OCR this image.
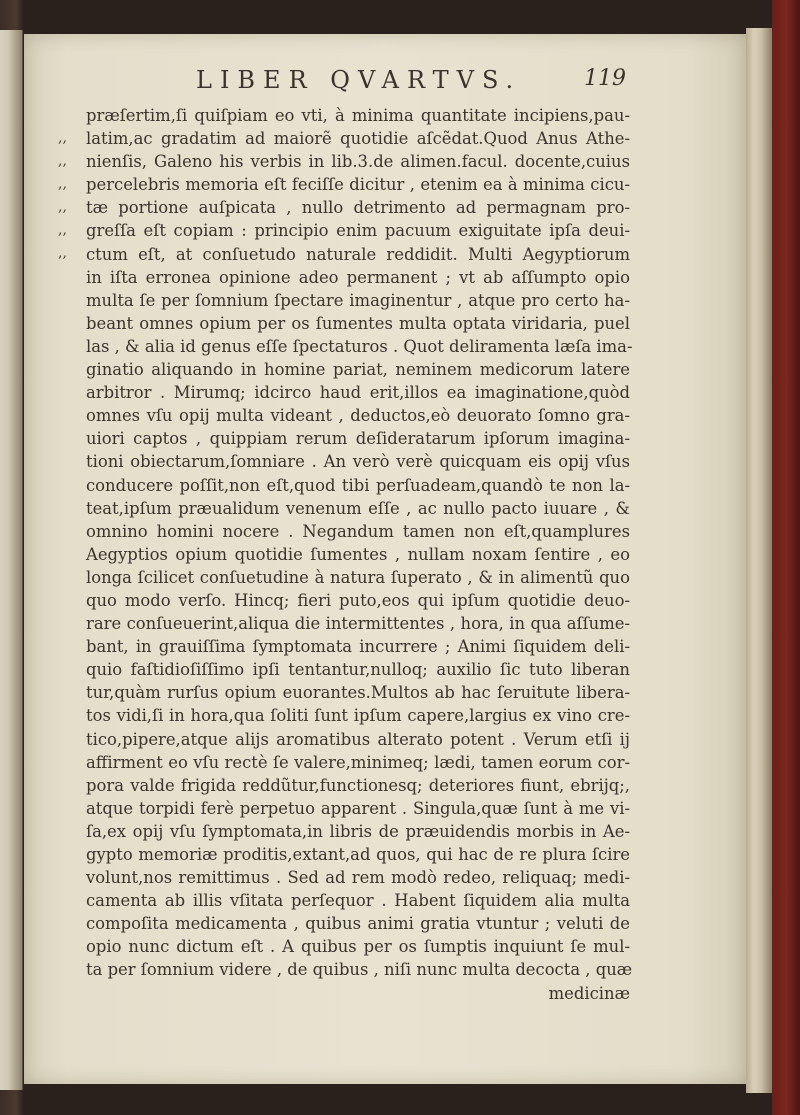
LIBER QVARTVS.	119
,,
,,
,,
,,
,,
,,
præſertim,ſi quiſpiam eo vti, à minima quantitate incipiens,pau-
latim,ac gradatim ad maiorẽ quotidie aſcẽdat.Quod Anus Athe-
nienſis, Galeno his verbis in lib.3.de alimen.facul. docente,cuius
percelebris memoria eſt feciſſe dicitur , etenim ea à minima cicu-
tæ portione auſpicata , nullo detrimento ad permagnam pro-
greſſa eſt copiam : principio enim pacuum exiguitate ipſa deui-
ctum eſt, at conſuetudo naturale reddidit. Multi Aegyptiorum
in iſta erronea opinione adeo permanent ; vt ab aſſumpto opio
multa ſe per ſomnium ſpectare imaginentur , atque pro certo ha-
beant omnes opium per os ſumentes multa optata viridaria, puel
las , & alia id genus eſſe ſpectaturos . Quot deliramenta læſa ima-
ginatio aliquando in homine pariat, neminem medicorum latere
arbitror . Mirumq; idcirco haud erit,illos ea imaginatione,quòd
omnes vſu opij multa videant , deductos,eò deuorato ſomno gra-
uiori captos , quippiam rerum deſideratarum ipſorum imagina-
tioni obiectarum,ſomniare . An verò verè quicquam eis opij vſus
conducere poſſit,non eſt,quod tibi perſuadeam,quandò te non la-
teat,ipſum præualidum venenum eſſe , ac nullo pacto iuuare , &
omnino homini nocere . Negandum tamen non eſt,quamplures
Aegyptios opium quotidie ſumentes , nullam noxam ſentire , eo
longa ſcilicet conſuetudine à natura ſuperato , & in alimentũ quo
quo modo verſo. Hincq; fieri puto,eos qui ipſum quotidie deuo-
rare conſueuerint,aliqua die intermittentes , hora, in qua aſſume-
bant, in grauiſſima ſymptomata incurrere ; Animi ſiquidem deli-
quio faſtidioſiſſimo ipſi tentantur,nulloq; auxilio ſic tuto liberan
tur,quàm rurſus opium euorantes.Multos ab hac ſeruitute libera-
tos vidi,ſi in hora,qua ſoliti ſunt ipſum capere,largius ex vino cre-
tico,pipere,atque alijs aromatibus alterato potent . Verum etſi ij
affirment eo vſu rectè ſe valere,minimeq; lædi, tamen eorum cor-
pora valde frigida reddũtur,functionesq; deteriores fiunt, ebrijq;,
atque torpidi ferè perpetuo apparent . Singula,quæ ſunt à me vi-
ſa,ex opij vſu ſymptomata,in libris de præuidendis morbis in Ae-
gypto memoriæ proditis,extant,ad quos, qui hac de re plura ſcire
volunt,nos remittimus . Sed ad rem modò redeo, reliquaq; medi-
camenta ab illis vſitata perſequor . Habent ſiquidem alia multa
compoſita medicamenta , quibus animi gratia vtuntur ; veluti de
opio nunc dictum eſt . A quibus per os ſumptis inquiunt ſe mul-
ta per ſomnium videre , de quibus , niſi nunc multa decocta , quæ
medicinæ
